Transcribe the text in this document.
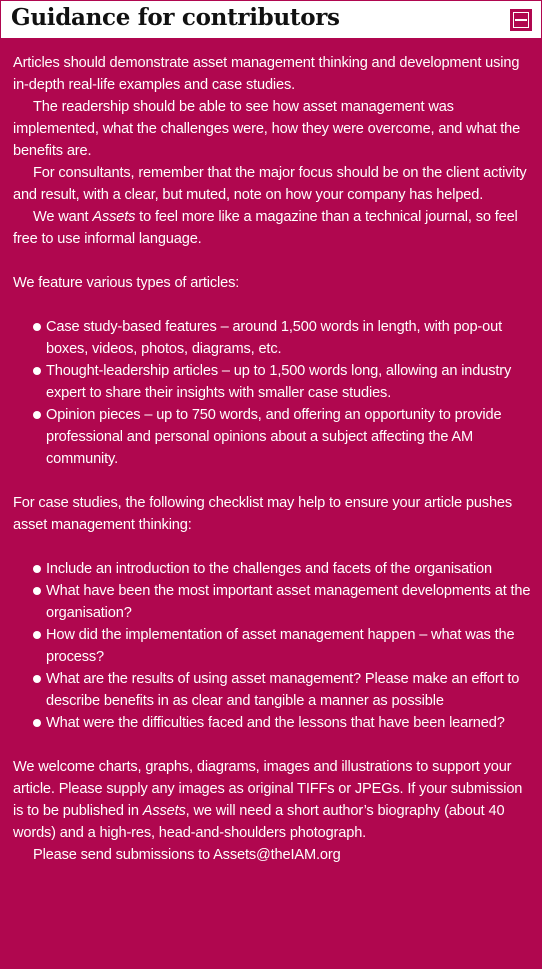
Guidance for contributors

Articles should demonstrate asset management thinking and development using in-depth real-life examples and case studies.

The readership should be able to see how asset management was implemented, what the challenges were, how they were overcome, and what the benefits are.

For consultants, remember that the major focus should be on the client activity and result, with a clear, but muted, note on how your company has helped.

We want Assets to feel more like a magazine than a technical journal, so feel free to use informal language.

We feature various types of articles:

Case study-based features – around 1,500 words in length, with pop-out boxes, videos, photos, diagrams, etc.
Thought-leadership articles – up to 1,500 words long, allowing an industry expert to share their insights with smaller case studies.
Opinion pieces – up to 750 words, and offering an opportunity to provide professional and personal opinions about a subject affecting the AM community.

For case studies, the following checklist may help to ensure your article pushes asset management thinking:

Include an introduction to the challenges and facets of the organisation
What have been the most important asset management developments at the organisation?
How did the implementation of asset management happen – what was the process?
What are the results of using asset management? Please make an effort to describe benefits in as clear and tangible a manner as possible
What were the difficulties faced and the lessons that have been learned?

We welcome charts, graphs, diagrams, images and illustrations to support your article. Please supply any images as original TIFFs or JPEGs. If your submission is to be published in Assets, we will need a short author’s biography (about 40 words) and a high-res, head-and-shoulders photograph.

Please send submissions to Assets@theIAM.org
